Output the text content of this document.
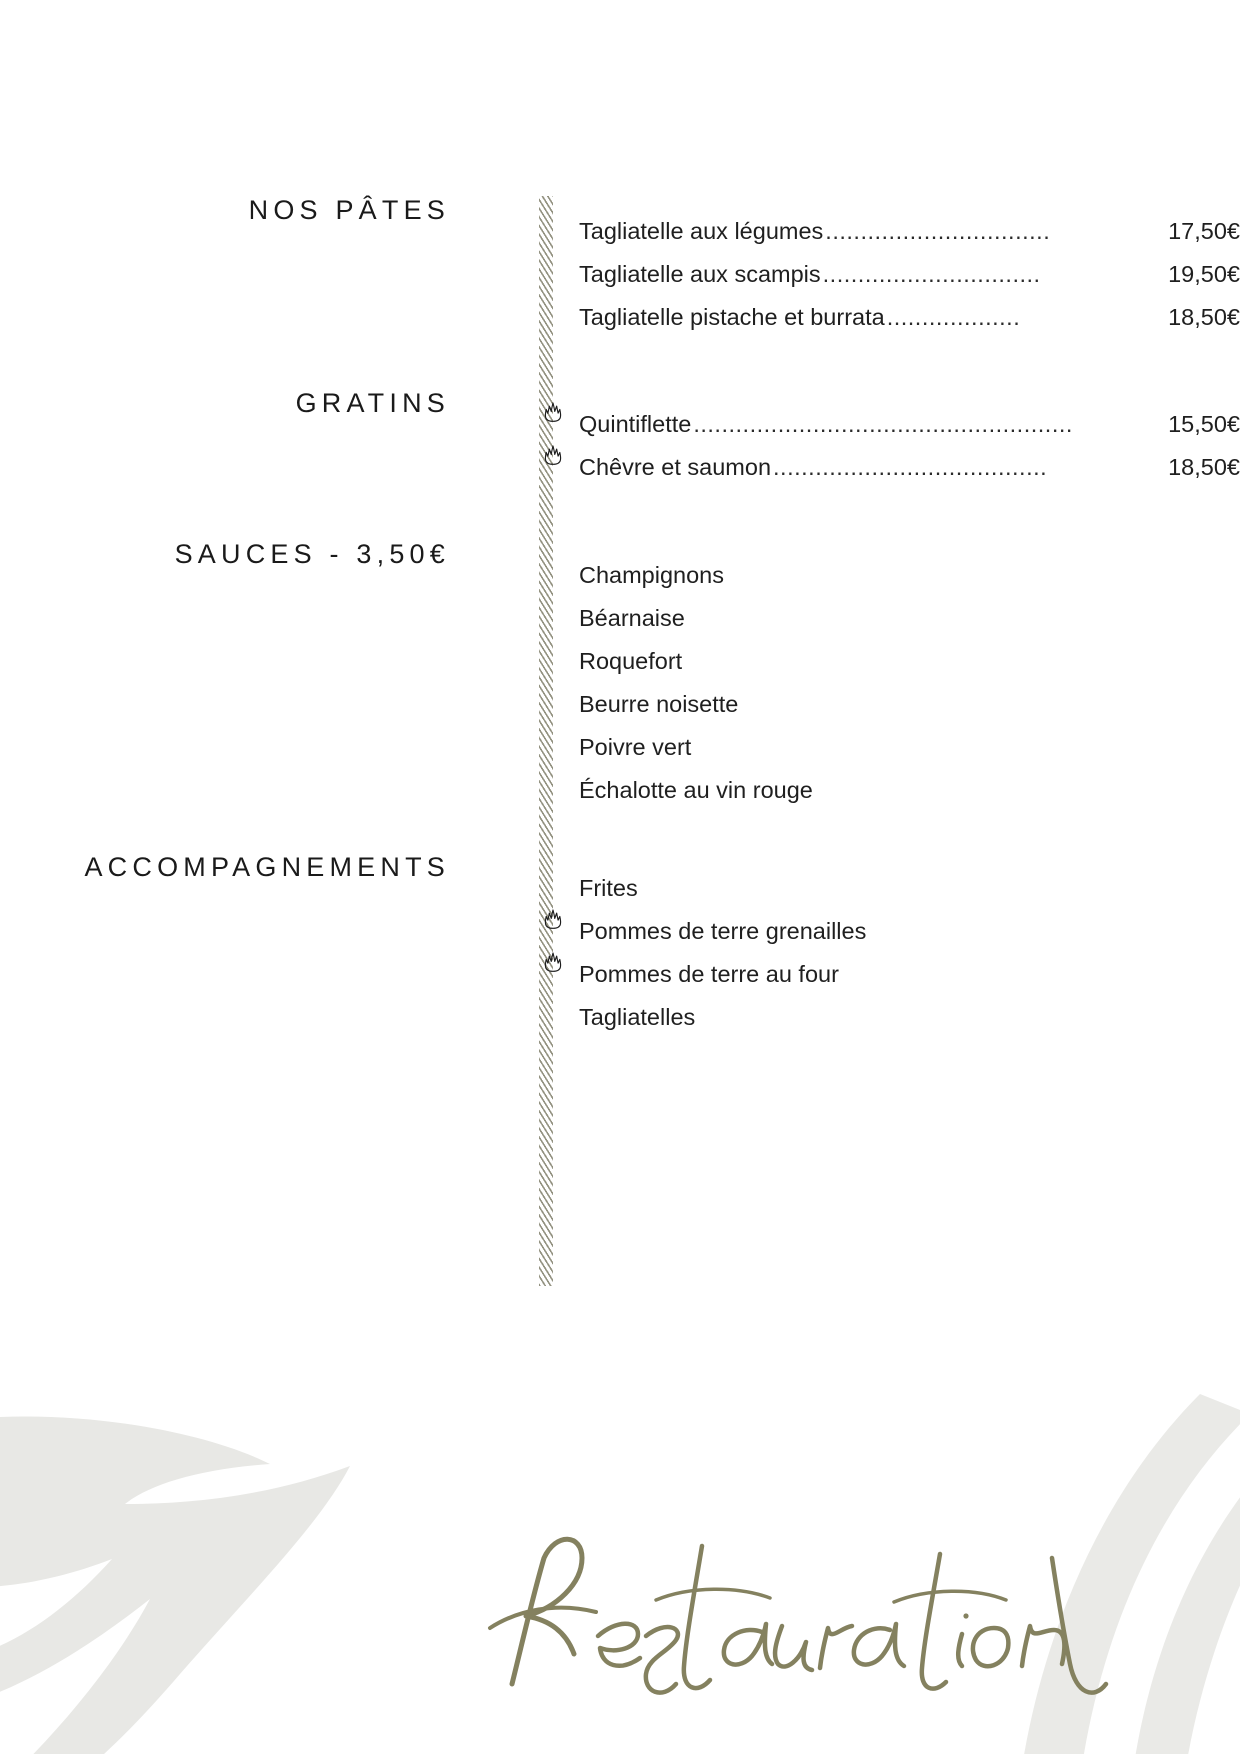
NOS PÂTES
Tagliatelle aux légumes ................................	17,50€
Tagliatelle aux scampis ...............................	19,50€
Tagliatelle pistache et burrata ...................	18,50€
GRATINS
Quintiflette ......................................................	15,50€
Chêvre et saumon .......................................	18,50€
SAUCES - 3,50€
Champignons
Béarnaise
Roquefort
Beurre noisette
Poivre vert
Échalotte au vin rouge
ACCOMPAGNEMENTS
Frites
Pommes de terre grenailles
Pommes de terre au four
Tagliatelles
